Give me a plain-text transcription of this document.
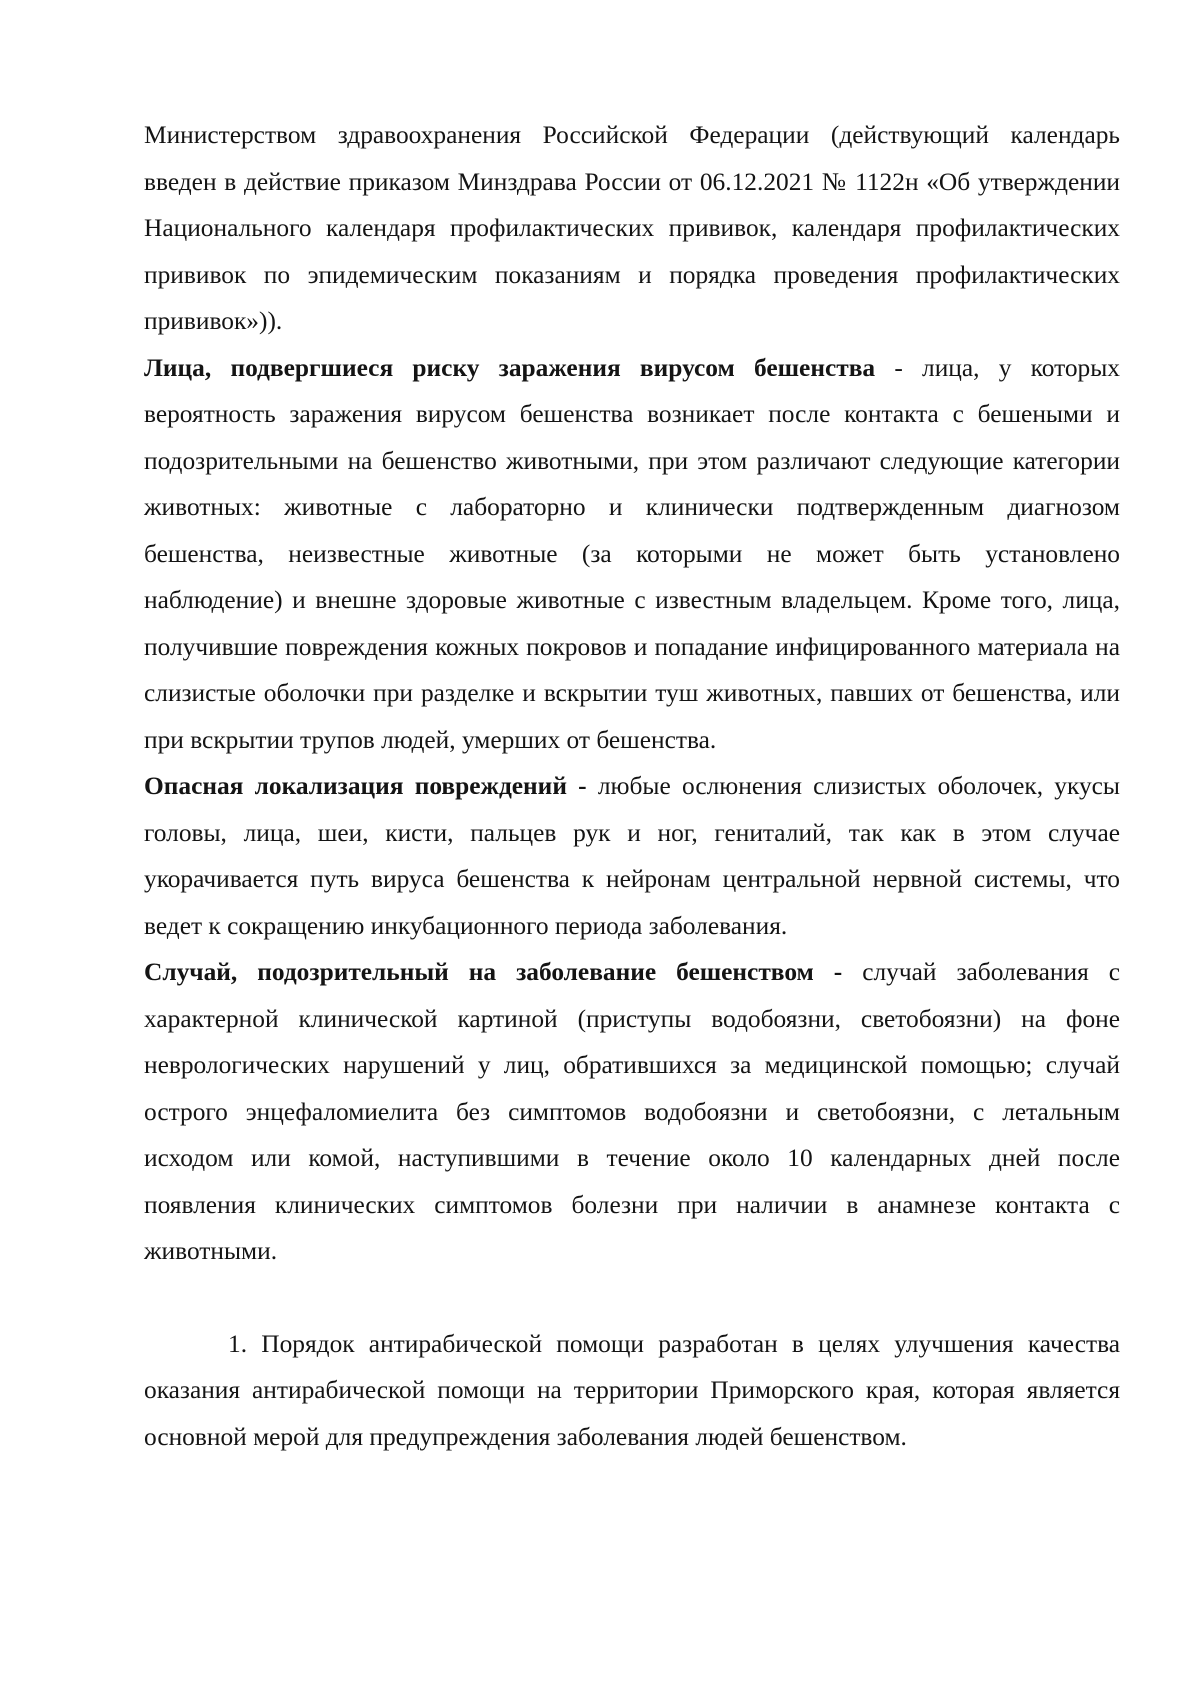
Министерством здравоохранения Российской Федерации (действующий календарь введен в действие приказом Минздрава России от 06.12.2021 № 1122н «Об утверждении Национального календаря профилактических прививок, календаря профилактических прививок по эпидемическим показаниям и порядка проведения профилактических прививок»)).

Лица, подвергшиеся риску заражения вирусом бешенства - лица, у которых вероятность заражения вирусом бешенства возникает после контакта с бешеными и подозрительными на бешенство животными, при этом различают следующие категории животных: животные с лабораторно и клинически подтвержденным диагнозом бешенства, неизвестные животные (за которыми не может быть установлено наблюдение) и внешне здоровые животные с известным владельцем. Кроме того, лица, получившие повреждения кожных покровов и попадание инфицированного материала на слизистые оболочки при разделке и вскрытии туш животных, павших от бешенства, или при вскрытии трупов людей, умерших от бешенства.

Опасная локализация повреждений - любые ослюнения слизистых оболочек, укусы головы, лица, шеи, кисти, пальцев рук и ног, гениталий, так как в этом случае укорачивается путь вируса бешенства к нейронам центральной нервной системы, что ведет к сокращению инкубационного периода заболевания.

Случай, подозрительный на заболевание бешенством - случай заболевания с характерной клинической картиной (приступы водобоязни, светобоязни) на фоне неврологических нарушений у лиц, обратившихся за медицинской помощью; случай острого энцефаломиелита без симптомов водобоязни и светобоязни, с летальным исходом или комой, наступившими в течение около 10 календарных дней после появления клинических симптомов болезни при наличии в анамнезе контакта с животными.

1. Порядок антирабической помощи разработан в целях улучшения качества оказания антирабической помощи на территории Приморского края, которая является основной мерой для предупреждения заболевания людей бешенством.
